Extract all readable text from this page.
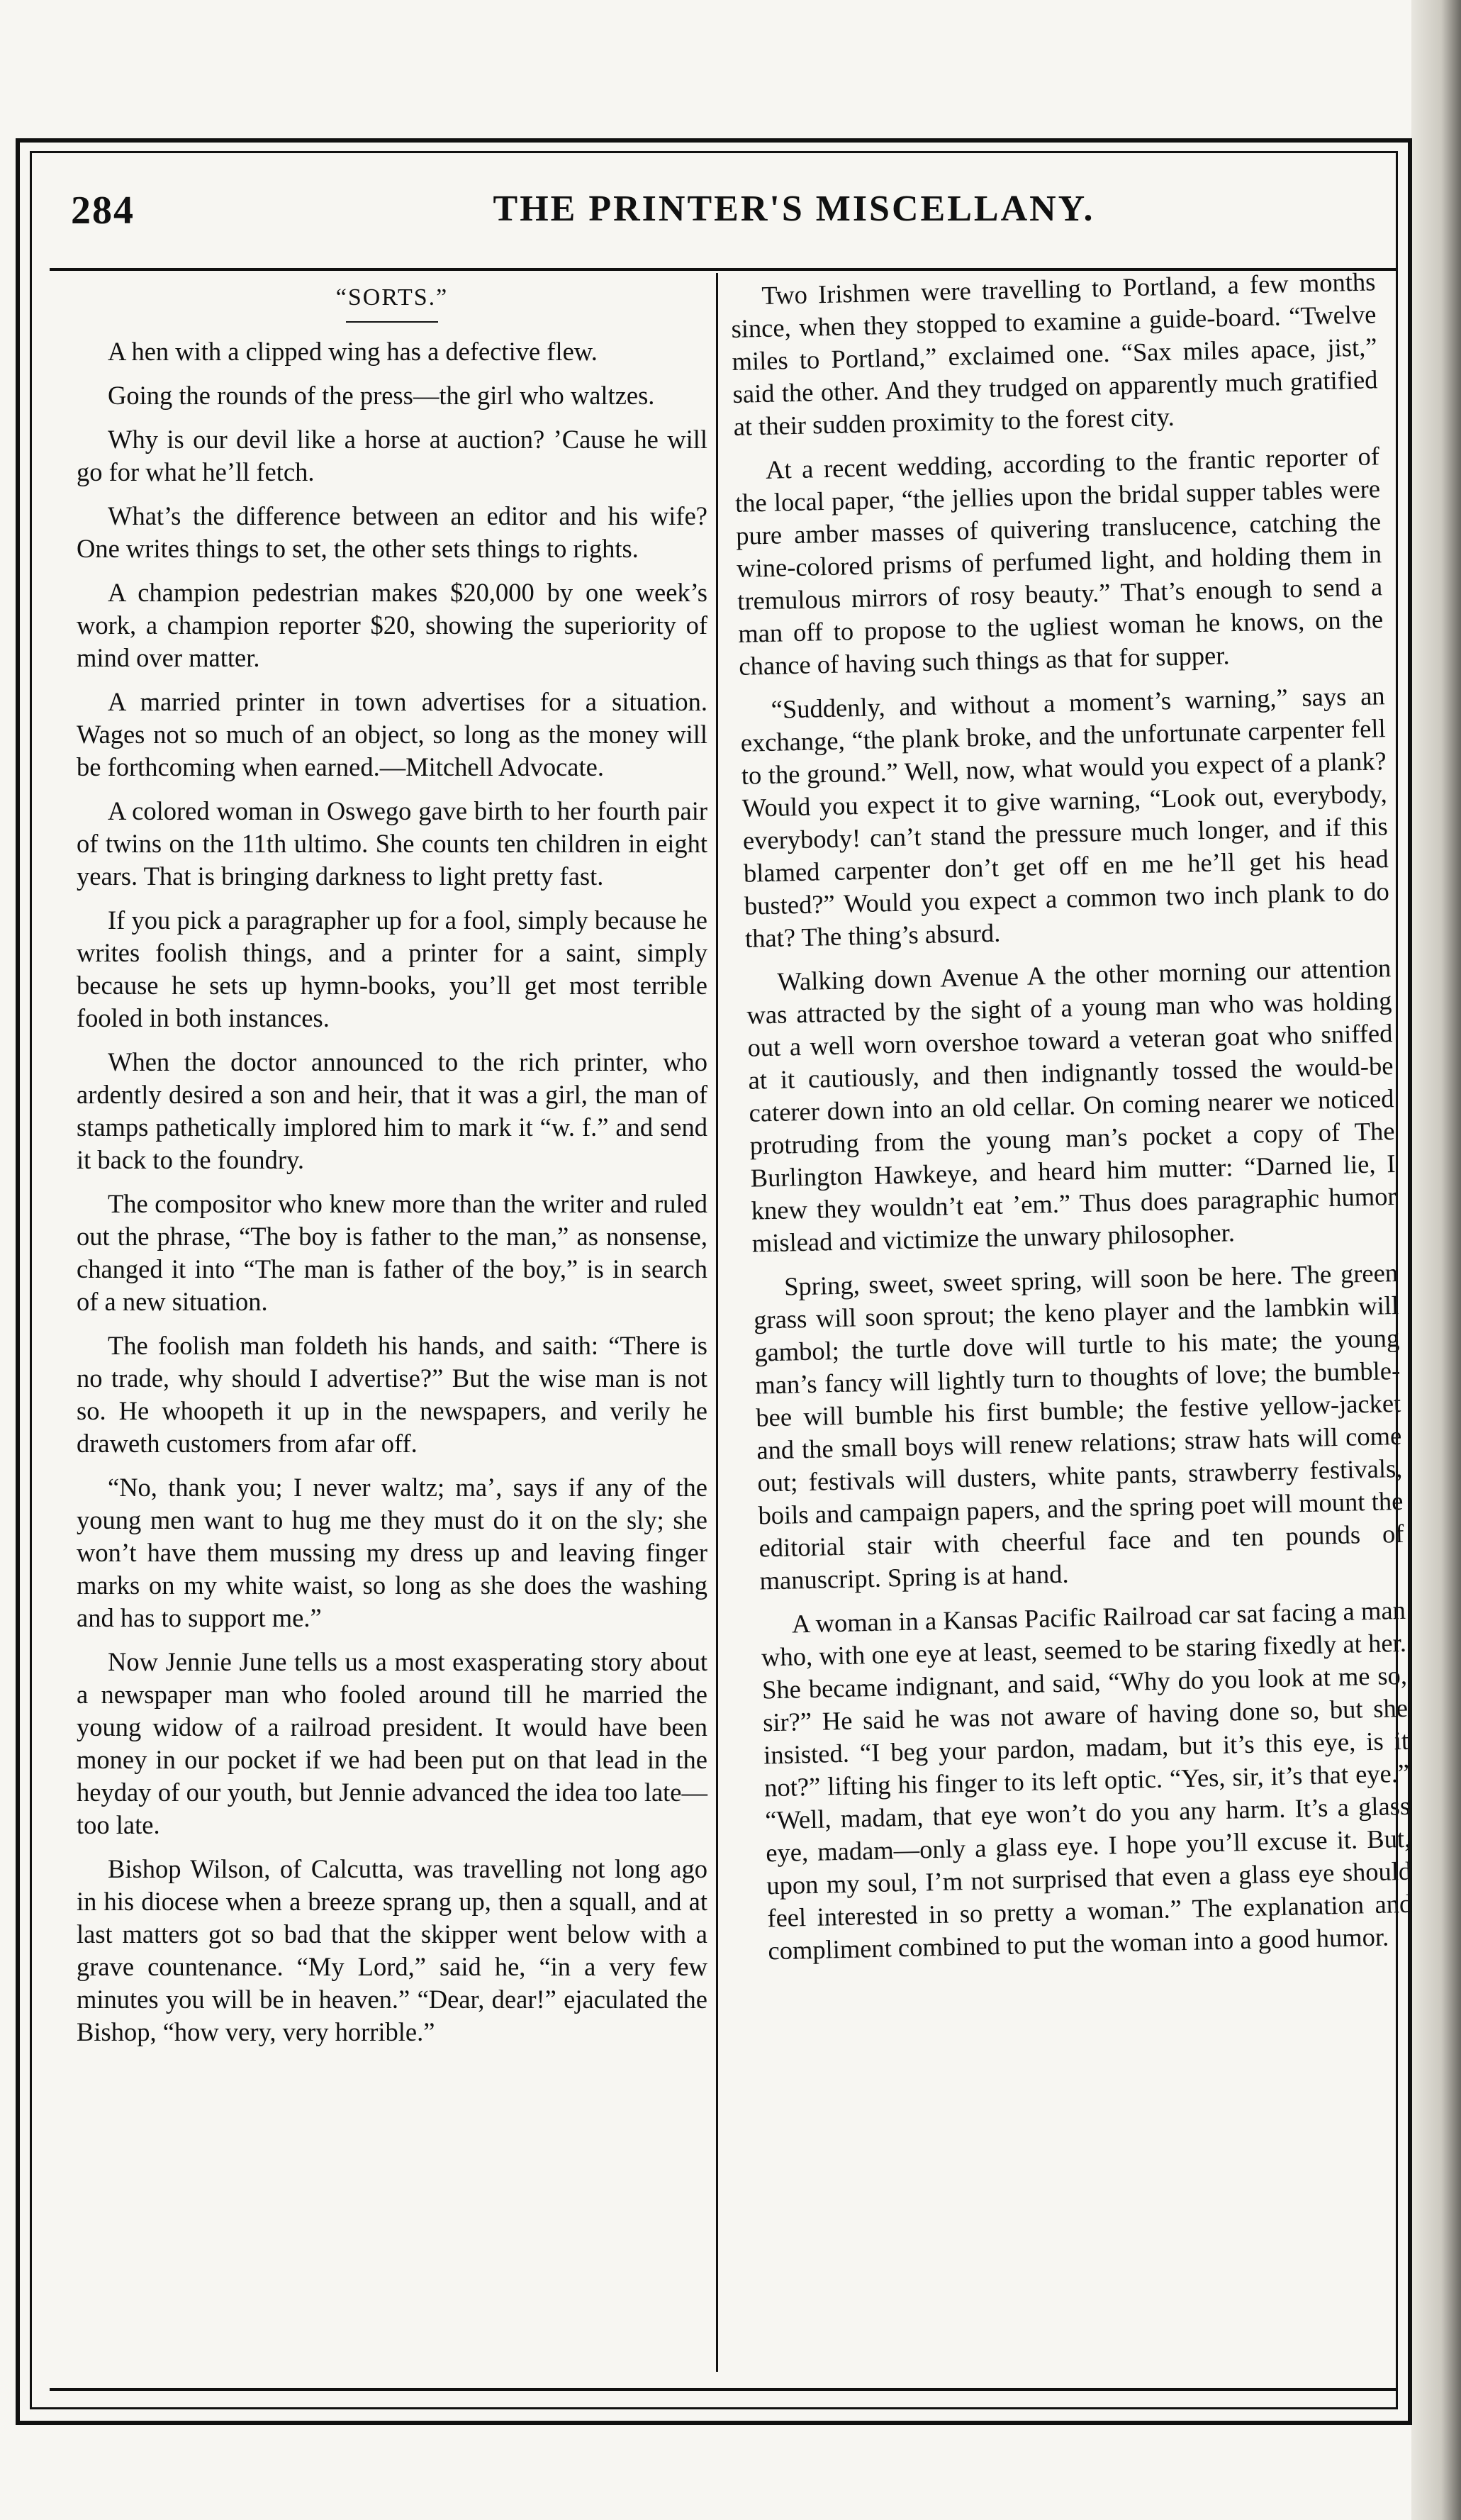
284	THE PRINTER'S MISCELLANY.
“SORTS.”

A hen with a clipped wing has a defective flew.

Going the rounds of the press—the girl who waltzes.

Why is our devil like a horse at auction? ’Cause he will go for what he’ll fetch.

What’s the difference between an editor and his wife? One writes things to set, the other sets things to rights.

A champion pedestrian makes $20,000 by one week’s work, a champion reporter $20, showing the superiority of mind over matter.

A married printer in town advertises for a situation. Wages not so much of an object, so long as the money will be forthcoming when earned.—Mitchell Advocate.

A colored woman in Oswego gave birth to her fourth pair of twins on the 11th ultimo. She counts ten children in eight years. That is bringing darkness to light pretty fast.

If you pick a paragrapher up for a fool, simply because he writes foolish things, and a printer for a saint, simply because he sets up hymn-books, you’ll get most terrible fooled in both instances.

When the doctor announced to the rich printer, who ardently desired a son and heir, that it was a girl, the man of stamps pathetically implored him to mark it “w. f.” and send it back to the foundry.

The compositor who knew more than the writer and ruled out the phrase, “The boy is father to the man,” as nonsense, changed it into “The man is father of the boy,” is in search of a new situation.

The foolish man foldeth his hands, and saith: “There is no trade, why should I advertise?” But the wise man is not so. He whoopeth it up in the newspapers, and verily he draweth customers from afar off.

“No, thank you; I never waltz; ma’, says if any of the young men want to hug me they must do it on the sly; she won’t have them mussing my dress up and leaving finger marks on my white waist, so long as she does the washing and has to support me.”

Now Jennie June tells us a most exasperating story about a newspaper man who fooled around till he married the young widow of a railroad president. It would have been money in our pocket if we had been put on that lead in the heyday of our youth, but Jennie advanced the idea too late—too late.

Bishop Wilson, of Calcutta, was travelling not long ago in his diocese when a breeze sprang up, then a squall, and at last matters got so bad that the skipper went below with a grave countenance. “My Lord,” said he, “in a very few minutes you will be in heaven.” “Dear, dear!” ejaculated the Bishop, “how very, very horrible.”

Two Irishmen were travelling to Portland, a few months since, when they stopped to examine a guide-board. “Twelve miles to Portland,” exclaimed one. “Sax miles apace, jist,” said the other. And they trudged on apparently much gratified at their sudden proximity to the forest city.

At a recent wedding, according to the frantic reporter of the local paper, “the jellies upon the bridal supper tables were pure amber masses of quivering translucence, catching the wine-colored prisms of perfumed light, and holding them in tremulous mirrors of rosy beauty.” That’s enough to send a man off to propose to the ugliest woman he knows, on the chance of having such things as that for supper.

“Suddenly, and without a moment’s warning,” says an exchange, “the plank broke, and the unfortunate carpenter fell to the ground.” Well, now, what would you expect of a plank? Would you expect it to give warning, “Look out, everybody, everybody! can’t stand the pressure much longer, and if this blamed carpenter don’t get off en me he’ll get his head busted?” Would you expect a common two inch plank to do that? The thing’s absurd.

Walking down Avenue A the other morning our attention was attracted by the sight of a young man who was holding out a well worn overshoe toward a veteran goat who sniffed at it cautiously, and then indignantly tossed the would-be caterer down into an old cellar. On coming nearer we noticed protruding from the young man’s pocket a copy of The Burlington Hawkeye, and heard him mutter: “Darned lie, I knew they wouldn’t eat ’em.” Thus does paragraphic humor mislead and victimize the unwary philosopher.

Spring, sweet, sweet spring, will soon be here. The green grass will soon sprout; the keno player and the lambkin will gambol; the turtle dove will turtle to his mate; the young man’s fancy will lightly turn to thoughts of love; the bumble-bee will bumble his first bumble; the festive yellow-jacket and the small boys will renew relations; straw hats will come out; festivals will dusters, white pants, strawberry festivals, boils and campaign papers, and the spring poet will mount the editorial stair with cheerful face and ten pounds of manuscript. Spring is at hand.

A woman in a Kansas Pacific Railroad car sat facing a man who, with one eye at least, seemed to be staring fixedly at her. She became indignant, and said, “Why do you look at me so, sir?” He said he was not aware of having done so, but she insisted. “I beg your pardon, madam, but it’s this eye, is it not?” lifting his finger to its left optic. “Yes, sir, it’s that eye.” “Well, madam, that eye won’t do you any harm. It’s a glass eye, madam—only a glass eye. I hope you’ll excuse it. But, upon my soul, I’m not surprised that even a glass eye should feel interested in so pretty a woman.” The explanation and compliment combined to put the woman into a good humor.
